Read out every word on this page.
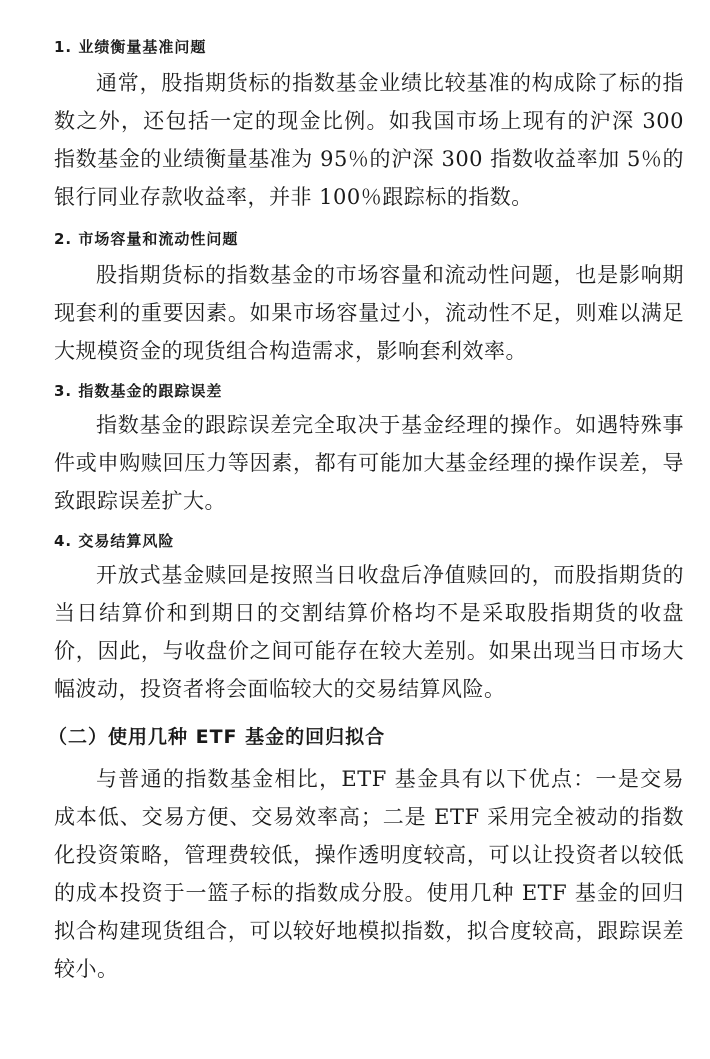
1. 业绩衡量基准问题
通常，股指期货标的指数基金业绩比较基准的构成除了标的指数之外，还包括一定的现金比例。如我国市场上现有的沪深 300 指数基金的业绩衡量基准为 95％的沪深 300 指数收益率加 5％的银行同业存款收益率，并非 100％跟踪标的指数。
2. 市场容量和流动性问题
股指期货标的指数基金的市场容量和流动性问题，也是影响期现套利的重要因素。如果市场容量过小，流动性不足，则难以满足大规模资金的现货组合构造需求，影响套利效率。
3. 指数基金的跟踪误差
指数基金的跟踪误差完全取决于基金经理的操作。如遇特殊事件或申购赎回压力等因素，都有可能加大基金经理的操作误差，导致跟踪误差扩大。
4. 交易结算风险
开放式基金赎回是按照当日收盘后净值赎回的，而股指期货的当日结算价和到期日的交割结算价格均不是采取股指期货的收盘价，因此，与收盘价之间可能存在较大差别。如果出现当日市场大幅波动，投资者将会面临较大的交易结算风险。
（二）使用几种 ETF 基金的回归拟合
与普通的指数基金相比，ETF 基金具有以下优点：一是交易成本低、交易方便、交易效率高；二是 ETF 采用完全被动的指数化投资策略，管理费较低，操作透明度较高，可以让投资者以较低的成本投资于一篮子标的指数成分股。使用几种 ETF 基金的回归拟合构建现货组合，可以较好地模拟指数，拟合度较高，跟踪误差较小。
